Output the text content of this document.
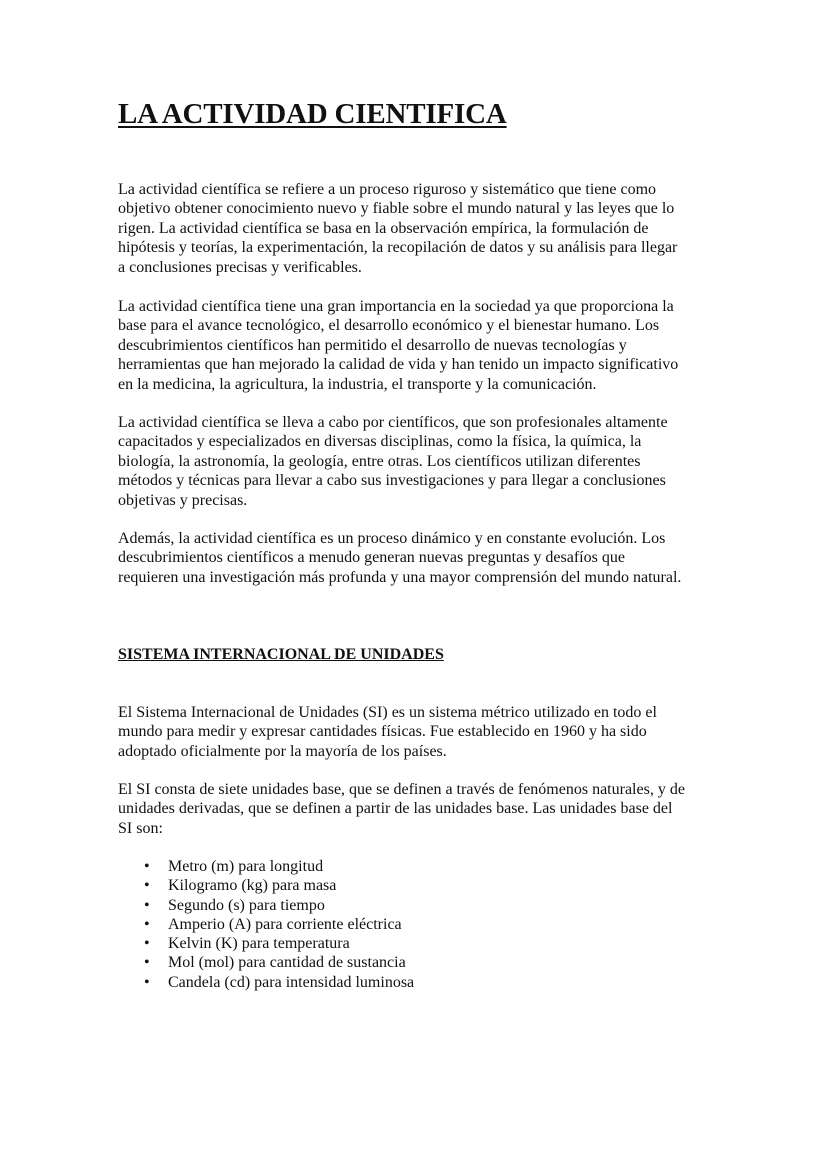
LA ACTIVIDAD CIENTIFICA
La actividad científica se refiere a un proceso riguroso y sistemático que tiene como
objetivo obtener conocimiento nuevo y fiable sobre el mundo natural y las leyes que lo
rigen. La actividad científica se basa en la observación empírica, la formulación de
hipótesis y teorías, la experimentación, la recopilación de datos y su análisis para llegar
a conclusiones precisas y verificables.
La actividad científica tiene una gran importancia en la sociedad ya que proporciona la
base para el avance tecnológico, el desarrollo económico y el bienestar humano. Los
descubrimientos científicos han permitido el desarrollo de nuevas tecnologías y
herramientas que han mejorado la calidad de vida y han tenido un impacto significativo
en la medicina, la agricultura, la industria, el transporte y la comunicación.
La actividad científica se lleva a cabo por científicos, que son profesionales altamente
capacitados y especializados en diversas disciplinas, como la física, la química, la
biología, la astronomía, la geología, entre otras. Los científicos utilizan diferentes
métodos y técnicas para llevar a cabo sus investigaciones y para llegar a conclusiones
objetivas y precisas.
Además, la actividad científica es un proceso dinámico y en constante evolución. Los
descubrimientos científicos a menudo generan nuevas preguntas y desafíos que
requieren una investigación más profunda y una mayor comprensión del mundo natural.
SISTEMA INTERNACIONAL DE UNIDADES
El Sistema Internacional de Unidades (SI) es un sistema métrico utilizado en todo el
mundo para medir y expresar cantidades físicas. Fue establecido en 1960 y ha sido
adoptado oficialmente por la mayoría de los países.
El SI consta de siete unidades base, que se definen a través de fenómenos naturales, y de
unidades derivadas, que se definen a partir de las unidades base. Las unidades base del
SI son:
• Metro (m) para longitud
• Kilogramo (kg) para masa
• Segundo (s) para tiempo
• Amperio (A) para corriente eléctrica
• Kelvin (K) para temperatura
• Mol (mol) para cantidad de sustancia
• Candela (cd) para intensidad luminosa
